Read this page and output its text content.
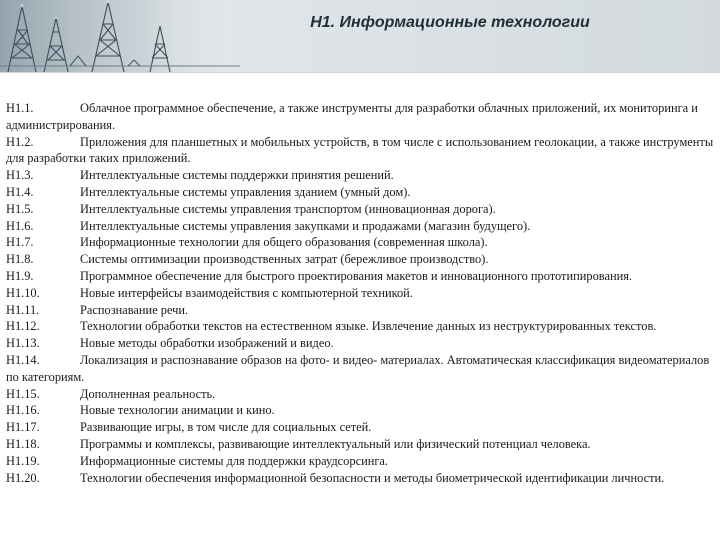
Н1. Информационные технологии

Н1.1.	Облачное программное обеспечение, а также инструменты для разработки облачных приложений, их мониторинга и администрирования.

Н1.2.	Приложения для планшетных и мобильных устройств, в том числе с использованием геолокации, а также инструменты для разработки таких приложений.

Н1.3.	Интеллектуальные системы поддержки принятия решений.

Н1.4.	Интеллектуальные системы управления зданием (умный дом).

Н1.5.	Интеллектуальные системы управления транспортом (инновационная дорога).

Н1.6.	Интеллектуальные системы управления закупками и продажами (магазин будущего).

Н1.7.	Информационные технологии для общего образования (современная школа).

Н1.8.	Системы оптимизации производственных затрат (бережливое производство).

Н1.9.	Программное обеспечение для быстрого проектирования макетов и инновационного прототипирования.

Н1.10.	Новые интерфейсы взаимодействия с компьютерной техникой.

Н1.11.	Распознавание речи.

Н1.12.	Технологии обработки текстов на естественном языке. Извлечение данных из неструктурированных текстов.

Н1.13.	Новые методы обработки изображений и видео.

Н1.14.	Локализация и распознавание образов на фото- и видео- материалах. Автоматическая классификация видеоматериалов по категориям.

Н1.15.	Дополненная реальность.

Н1.16.	Новые технологии анимации и кино.

Н1.17.	Развивающие игры, в том числе для социальных сетей.

Н1.18.	Программы и комплексы, развивающие интеллектуальный или физический потенциал человека.

Н1.19.	Информационные системы для поддержки краудсорсинга.

Н1.20.	Технологии обеспечения информационной безопасности и методы биометрической идентификации личности.
